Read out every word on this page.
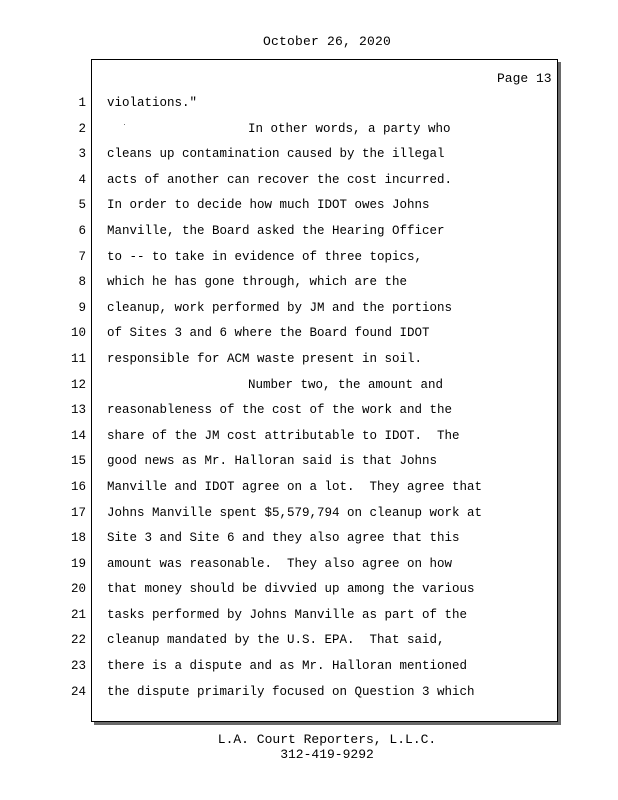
October 26, 2020
Page 13
1
2
3
4
5
6
7
8
9
10
11
12
13
14
15
16
17
18
19
20
21
22
23
24
violations."
In other words, a party who
cleans up contamination caused by the illegal
acts of another can recover the cost incurred.
In order to decide how much IDOT owes Johns
Manville, the Board asked the Hearing Officer
to -- to take in evidence of three topics,
which he has gone through, which are the
cleanup, work performed by JM and the portions
of Sites 3 and 6 where the Board found IDOT
responsible for ACM waste present in soil.
Number two, the amount and
reasonableness of the cost of the work and the
share of the JM cost attributable to IDOT.  The
good news as Mr. Halloran said is that Johns
Manville and IDOT agree on a lot.  They agree that
Johns Manville spent $5,579,794 on cleanup work at
Site 3 and Site 6 and they also agree that this
amount was reasonable.  They also agree on how
that money should be divvied up among the various
tasks performed by Johns Manville as part of the
cleanup mandated by the U.S. EPA.  That said,
there is a dispute and as Mr. Halloran mentioned
the dispute primarily focused on Question 3 which
L.A. Court Reporters, L.L.C.
312-419-9292
